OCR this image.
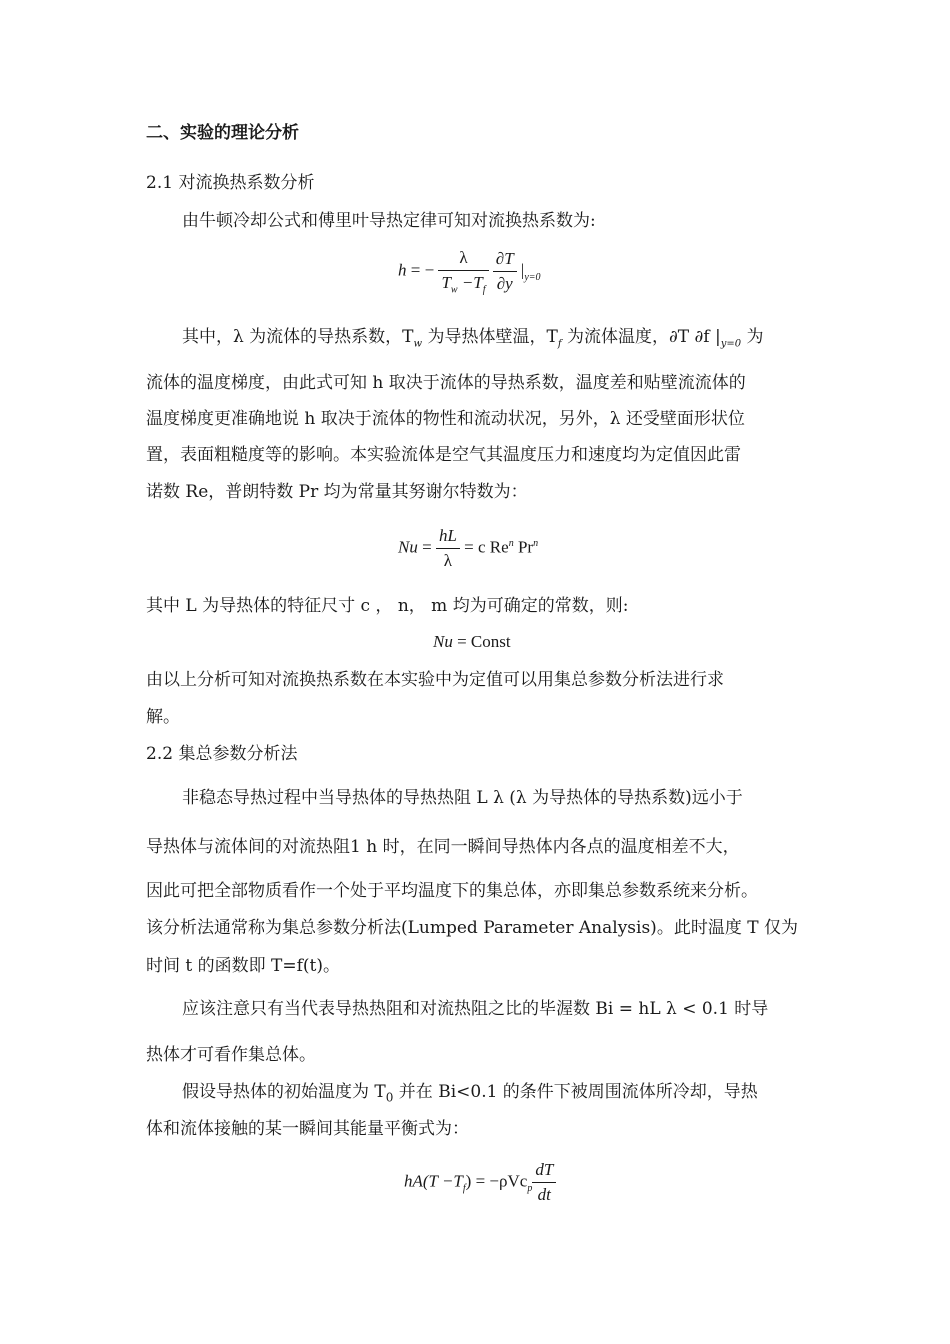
二、实验的理论分析
2.1 对流换热系数分析
由牛顿冷却公式和傅里叶导热定律可知对流换热系数为:
h = − $\frac{\lambda}{T_w -T_f}$
$\frac{\partial T}{\partial y} |_{y=0}$
其中，λ 为流体的导热系数，$T_w$ 为导热体壁温，$T_f$ 为流体温度，∂T ∂f $|_{y=0}$ 为
流体的温度梯度，由此式可知 h 取决于流体的导热系数，温度差和贴壁流流体的
温度梯度更准确地说 h 取决于流体的物性和流动状况，另外，λ 还受壁面形状位
置，表面粗糙度等的影响。本实验流体是空气其温度压力和速度均为定值因此雷
诺数 Re，普朗特数 Pr 均为常量其努谢尔特数为：
$Nu = \frac{hL}{\lambda} = c$ Re$^n$ Pr$^n$
其中 L 为导热体的特征尺寸 c ， n， m 均为可确定的常数，则:
Nu = Const
由以上分析可知对流换热系数在本实验中为定值可以用集总参数分析法进行求
解。
2.2 集总参数分析法
非稳态导热过程中当导热体的导热热阻 L λ (λ 为导热体的导热系数)远小于
导热体与流体间的对流热阻1 h 时，在同一瞬间导热体内各点的温度相差不大，
因此可把全部物质看作一个处于平均温度下的集总体，亦即集总参数系统来分析。
该分析法通常称为集总参数分析法(Lumped Parameter Analysis)。此时温度 T 仅为
时间 t 的函数即 T=f(t)。
应该注意只有当代表导热热阻和对流热阻之比的毕渥数 Bi = hL λ < 0.1 时导
热体才可看作集总体。
假设导热体的初始温度为 $T_0$ 并在 Bi<0.1 的条件下被周围流体所冷却，导热
体和流体接触的某一瞬间其能量平衡式为：
$hA(T -T_f) = -\rho Vc_p \frac{dT}{dt}$
